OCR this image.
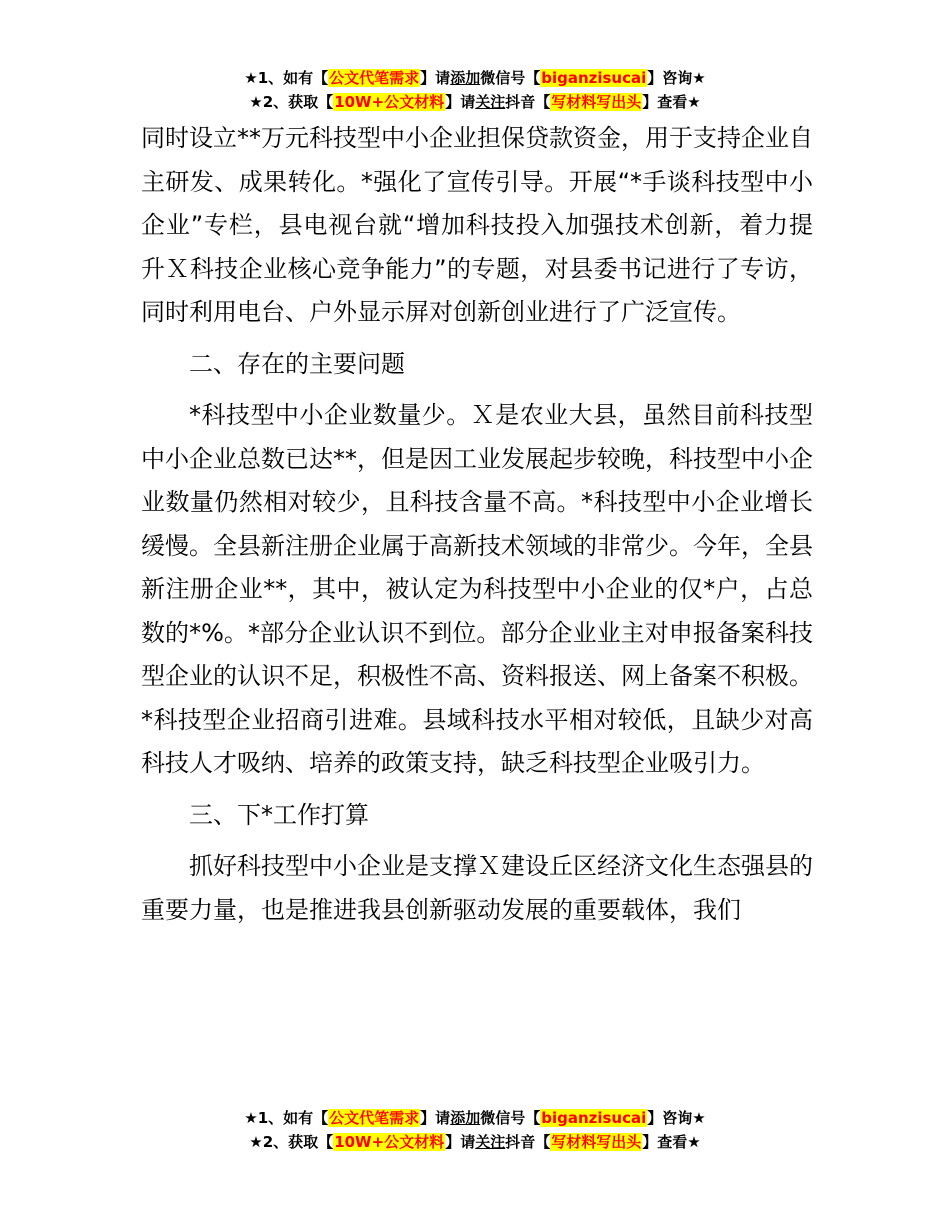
★1、如有【公文代笔需求】请添加微信号【biganzisucai】咨询★
★2、获取【10W+公文材料】请关注抖音【写材料写出头】查看★

同时设立**万元科技型中小企业担保贷款资金，用于支持企业自主研发、成果转化。*强化了宣传引导。开展“*手谈科技型中小企业”专栏，县电视台就“增加科技投入加强技术创新，着力提升Ｘ科技企业核心竞争能力”的专题，对县委书记进行了专访，同时利用电台、户外显示屏对创新创业进行了广泛宣传。

二、存在的主要问题

*科技型中小企业数量少。Ｘ是农业大县，虽然目前科技型中小企业总数已达**，但是因工业发展起步较晚，科技型中小企业数量仍然相对较少，且科技含量不高。*科技型中小企业增长缓慢。全县新注册企业属于高新技术领域的非常少。今年，全县新注册企业**，其中，被认定为科技型中小企业的仅*户，占总数的*%。*部分企业认识不到位。部分企业业主对申报备案科技型企业的认识不足，积极性不高、资料报送、网上备案不积极。*科技型企业招商引进难。县域科技水平相对较低，且缺少对高科技人才吸纳、培养的政策支持，缺乏科技型企业吸引力。

三、下*工作打算

抓好科技型中小企业是支撑Ｘ建设丘区经济文化生态强县的重要力量，也是推进我县创新驱动发展的重要载体，我们

★1、如有【公文代笔需求】请添加微信号【biganzisucai】咨询★
★2、获取【10W+公文材料】请关注抖音【写材料写出头】查看★
